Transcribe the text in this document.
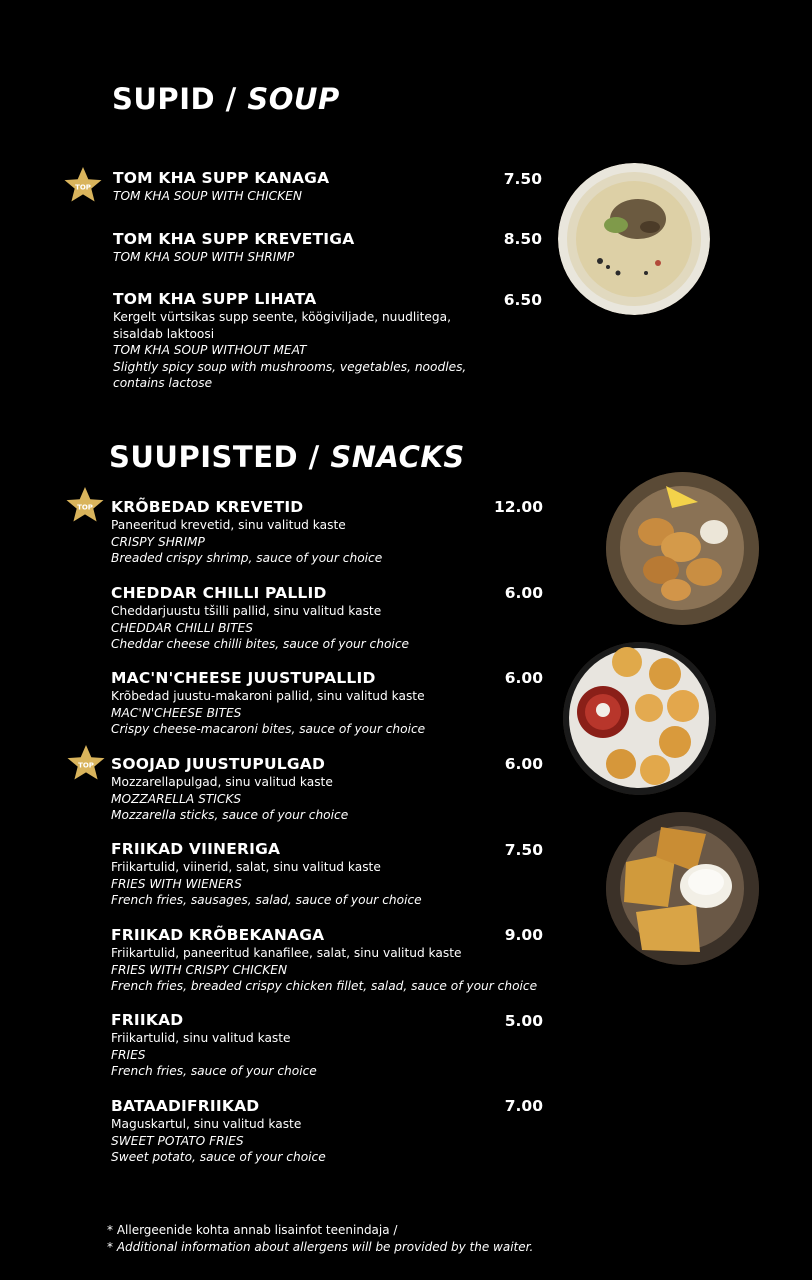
SUPID / SOUP
TOP
TOM KHA SUPP KANAGA
TOM KHA SOUP WITH CHICKEN
7.50
TOM KHA SUPP KREVETIGA
TOM KHA SOUP WITH SHRIMP
8.50
TOM KHA SUPP LIHATA
Kergelt vürtsikas supp seente, köögiviljade, nuudlitega,
sisaldab laktoosi
TOM KHA SOUP WITHOUT MEAT
Slightly spicy soup with mushrooms, vegetables, noodles,
contains lactose
6.50
SUUPISTED / SNACKS
TOP
TOP
KRÕBEDAD KREVETID
Paneeritud krevetid, sinu valitud kaste
CRISPY SHRIMP
Breaded crispy shrimp, sauce of your choice
12.00
CHEDDAR CHILLI PALLID
Cheddarjuustu tšilli pallid, sinu valitud kaste
CHEDDAR CHILLI BITES
Cheddar cheese chilli bites, sauce of your choice
6.00
MAC'N'CHEESE JUUSTUPALLID
Krõbedad juustu-makaroni pallid, sinu valitud kaste
MAC'N'CHEESE BITES
Crispy cheese-macaroni bites, sauce of your choice
6.00
SOOJAD JUUSTUPULGAD
Mozzarellapulgad, sinu valitud kaste
MOZZARELLA STICKS
Mozzarella sticks, sauce of your choice
6.00
FRIIKAD VIINERIGA
Friikartulid, viinerid, salat, sinu valitud kaste
FRIES WITH WIENERS
French fries, sausages, salad, sauce of your choice
7.50
FRIIKAD KRÕBEKANAGA
Friikartulid, paneeritud kanafilee, salat, sinu valitud kaste
FRIES WITH CRISPY CHICKEN
French fries, breaded crispy chicken fillet, salad, sauce of your choice
9.00
FRIIKAD
Friikartulid, sinu valitud kaste
FRIES
French fries, sauce of your choice
5.00
BATAADIFRIIKAD
Maguskartul, sinu valitud kaste
SWEET POTATO FRIES
Sweet potato, sauce of your choice
7.00
* Allergeenide kohta annab lisainfot teenindaja /
* Additional information about allergens will be provided by the waiter.
